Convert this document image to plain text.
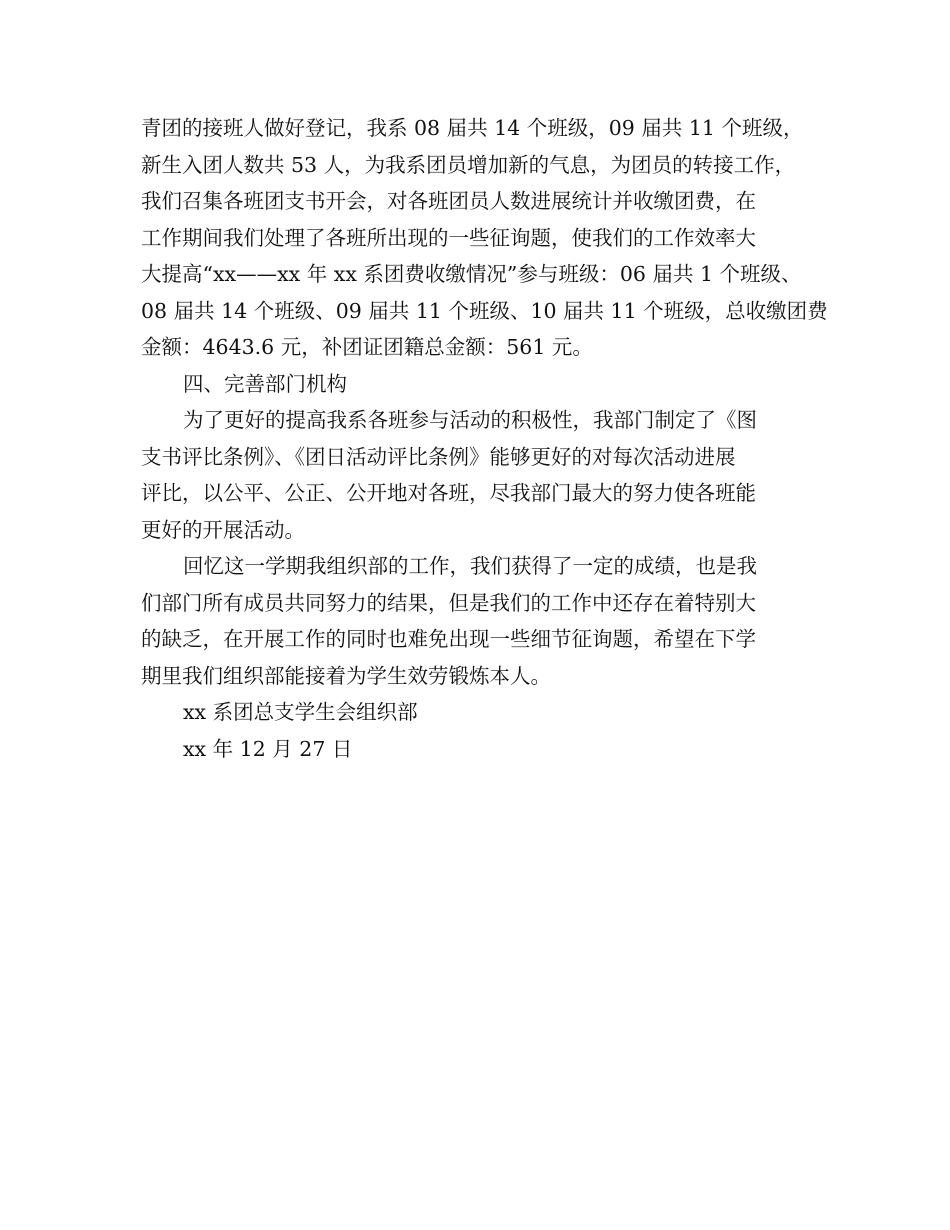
青团的接班人做好登记，我系 08 届共 14 个班级，09 届共 11 个班级，
新生入团人数共 53 人，为我系团员增加新的气息，为团员的转接工作，
我们召集各班团支书开会，对各班团员人数进展统计并收缴团费，在
工作期间我们处理了各班所出现的一些征询题，使我们的工作效率大
大提高“xx——xx 年 xx 系团费收缴情况”参与班级：06 届共 1 个班级、
08 届共 14 个班级、09 届共 11 个班级、10 届共 11 个班级，总收缴团费
金额：4643.6 元，补团证团籍总金额：561 元。
四、完善部门机构
为了更好的提高我系各班参与活动的积极性，我部门制定了《图
支书评比条例》、《团日活动评比条例》能够更好的对每次活动进展
评比，以公平、公正、公开地对各班，尽我部门最大的努力使各班能
更好的开展活动。
回忆这一学期我组织部的工作，我们获得了一定的成绩，也是我
们部门所有成员共同努力的结果，但是我们的工作中还存在着特别大
的缺乏，在开展工作的同时也难免出现一些细节征询题，希望在下学
期里我们组织部能接着为学生效劳锻炼本人。
xx 系团总支学生会组织部
xx 年 12 月 27 日
